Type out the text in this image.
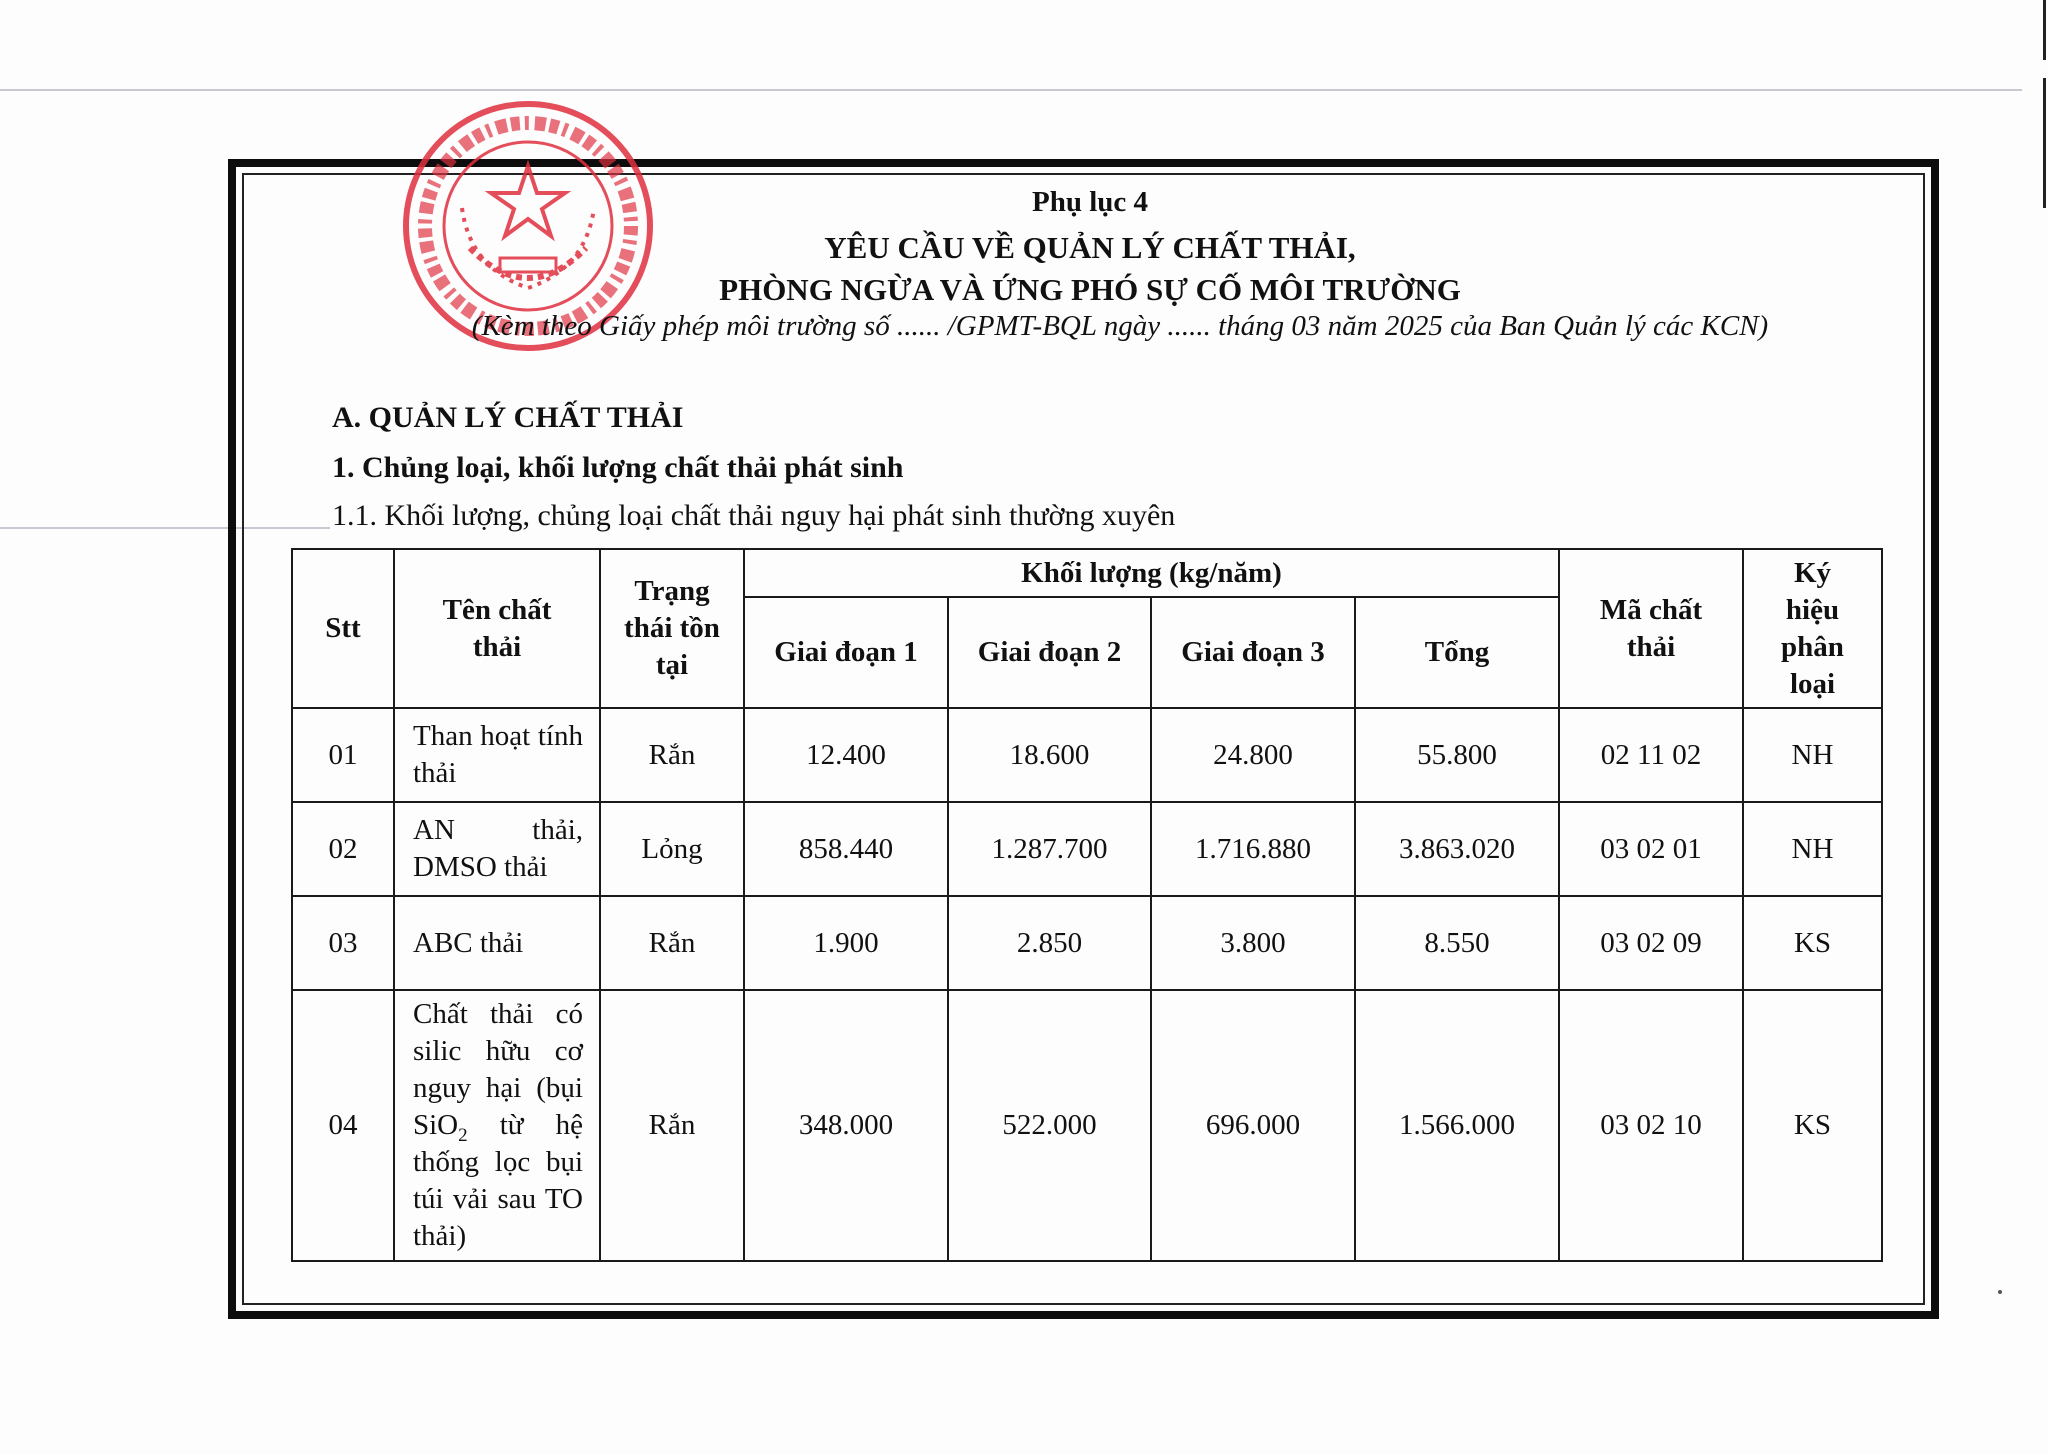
Phụ lục 4
YÊU CẦU VỀ QUẢN LÝ CHẤT THẢI,
PHÒNG NGỪA VÀ ỨNG PHÓ SỰ CỐ MÔI TRƯỜNG
(Kèm theo Giấy phép môi trường số ...... /GPMT-BQL ngày ...... tháng 03 năm 2025 của Ban Quản lý các KCN)
A. QUẢN LÝ CHẤT THẢI
1. Chủng loại, khối lượng chất thải phát sinh
1.1. Khối lượng, chủng loại chất thải nguy hại phát sinh thường xuyên
Stt	Tên chất thải	Trạng thái tồn tại	Khối lượng (kg/năm)				Mã chất thải	Ký hiệu phân loại

			Giai đoạn 1	Giai đoạn 2	Giai đoạn 3	Tổng		
01	Than hoạt tính thải	Rắn	12.400	18.600	24.800	55.800	02 11 02	NH
02	AN thải, DMSO thải	Lỏng	858.440	1.287.700	1.716.880	3.863.020	03 02 01	NH
03	ABC thải	Rắn	1.900	2.850	3.800	8.550	03 02 09	KS
04	Chất thải có silic hữu cơ nguy hại (bụi SiO$_2$ từ hệ thống lọc bụi túi vải sau TO thải)	Rắn	348.000	522.000	696.000	1.566.000	03 02 10	KS
